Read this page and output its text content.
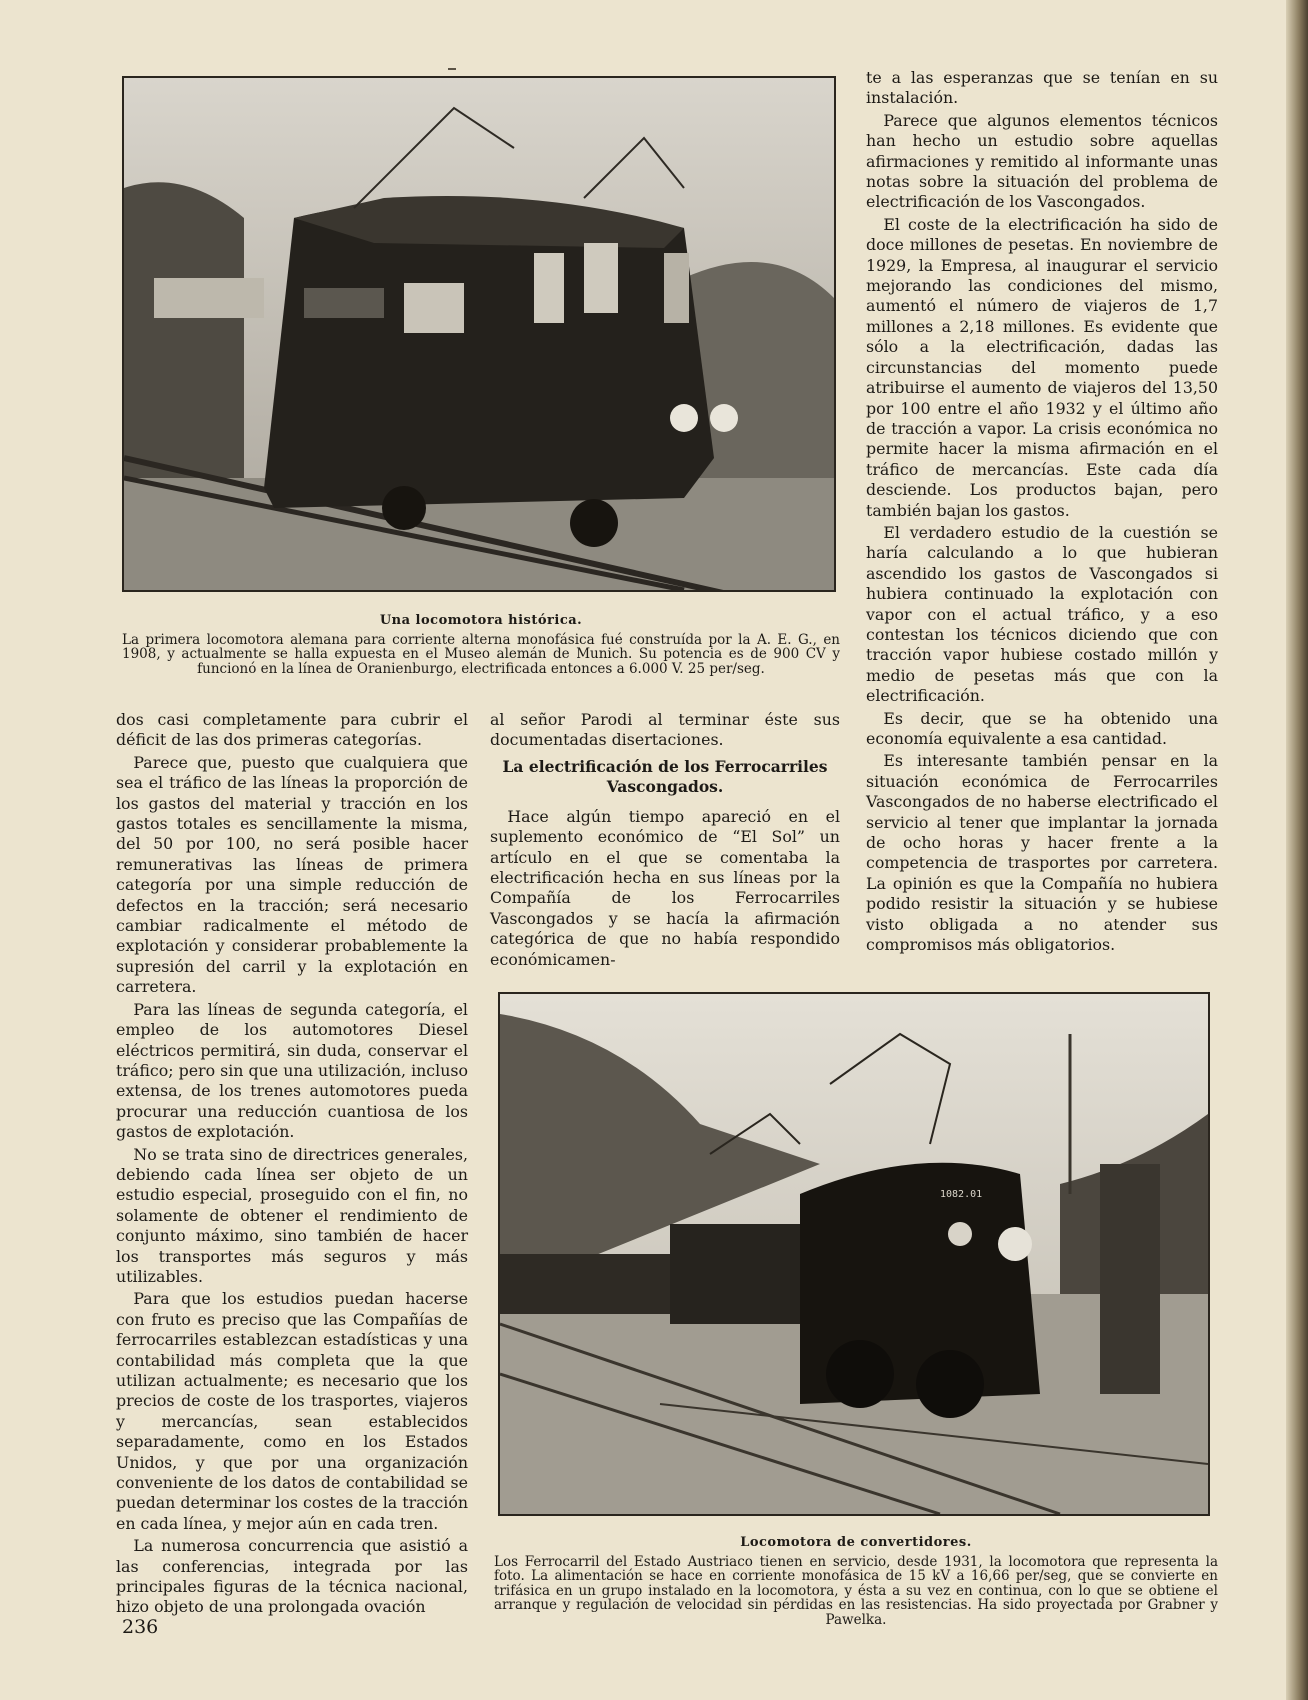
Una locomotora histórica.
La primera locomotora alemana para corriente alterna monofásica fué construída por la A. E. G., en 1908, y actualmente se halla expuesta en el Museo alemán de Munich. Su potencia es de 900 CV y funcionó en la línea de Oranienburgo, electrificada entonces a 6.000 V. 25 per/seg.

dos casi completamente para cubrir el déficit de las dos primeras categorías.

Parece que, puesto que cualquiera que sea el tráfico de las líneas la proporción de los gastos del material y tracción en los gastos totales es sencillamente la misma, del 50 por 100, no será posible hacer remunerativas las líneas de primera categoría por una simple reducción de defectos en la tracción; será necesario cambiar radicalmente el método de explotación y considerar probablemente la supresión del carril y la explotación en carretera.

Para las líneas de segunda categoría, el empleo de los automotores Diesel eléctricos permitirá, sin duda, conservar el tráfico; pero sin que una utilización, incluso extensa, de los trenes automotores pueda procurar una reducción cuantiosa de los gastos de explotación.

No se trata sino de directrices generales, debiendo cada línea ser objeto de un estudio especial, proseguido con el fin, no solamente de obtener el rendimiento de conjunto máximo, sino también de hacer los transportes más seguros y más utilizables.

Para que los estudios puedan hacerse con fruto es preciso que las Compañías de ferrocarriles establezcan estadísticas y una contabilidad más completa que la que utilizan actualmente; es necesario que los precios de coste de los trasportes, viajeros y mercancías, sean establecidos separadamente, como en los Estados Unidos, y que por una organización conveniente de los datos de contabilidad se puedan determinar los costes de la tracción en cada línea, y mejor aún en cada tren.

La numerosa concurrencia que asistió a las conferencias, integrada por las principales figuras de la técnica nacional, hizo objeto de una prolongada ovación

al señor Parodi al terminar éste sus documentadas disertaciones.

La electrificación de los Ferrocarriles Vascongados.

Hace algún tiempo apareció en el suplemento económico de “El Sol” un artículo en el que se comentaba la electrificación hecha en sus líneas por la Compañía de los Ferrocarriles Vascongados y se hacía la afirmación categórica de que no había respondido económicamen-

te a las esperanzas que se tenían en su instalación.

Parece que algunos elementos técnicos han hecho un estudio sobre aquellas afirmaciones y remitido al informante unas notas sobre la situación del problema de electrificación de los Vascongados.

El coste de la electrificación ha sido de doce millones de pesetas. En noviembre de 1929, la Empresa, al inaugurar el servicio mejorando las condiciones del mismo, aumentó el número de viajeros de 1,7 millones a 2,18 millones. Es evidente que sólo a la electrificación, dadas las circunstancias del momento puede atribuirse el aumento de viajeros del 13,50 por 100 entre el año 1932 y el último año de tracción a vapor. La crisis económica no permite hacer la misma afirmación en el tráfico de mercancías. Este cada día desciende. Los productos bajan, pero también bajan los gastos.

El verdadero estudio de la cuestión se haría calculando a lo que hubieran ascendido los gastos de Vascongados si hubiera continuado la explotación con vapor con el actual tráfico, y a eso contestan los técnicos diciendo que con tracción vapor hubiese costado millón y medio de pesetas más que con la electrificación.

Es decir, que se ha obtenido una economía equivalente a esa cantidad.

Es interesante también pensar en la situación económica de Ferrocarriles Vascongados de no haberse electrificado el servicio al tener que implantar la jornada de ocho horas y hacer frente a la competencia de trasportes por carretera. La opinión es que la Compañía no hubiera podido resistir la situación y se hubiese visto obligada a no atender sus compromisos más obligatorios.

1082.01
Locomotora de convertidores.
Los Ferrocarril del Estado Austriaco tienen en servicio, desde 1931, la locomotora que representa la foto. La alimentación se hace en corriente monofásica de 15 kV a 16,66 per/seg, que se convierte en trifásica en un grupo instalado en la locomotora, y ésta a su vez en continua, con lo que se obtiene el arranque y regulación de velocidad sin pérdidas en las resistencias. Ha sido proyectada por Grabner y Pawelka.
236
